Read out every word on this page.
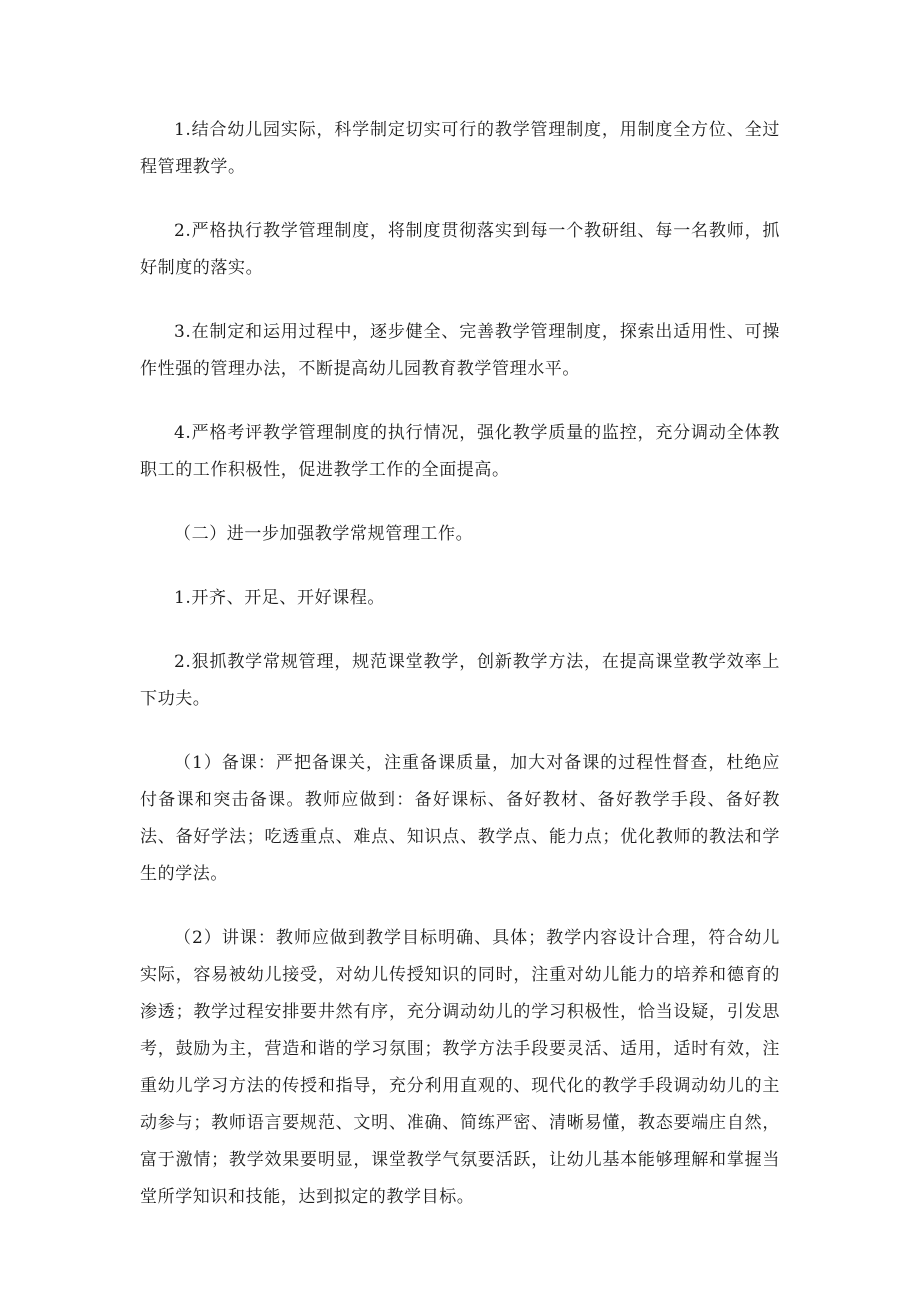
1.结合幼儿园实际，科学制定切实可行的教学管理制度，用制度全方位、全过程管理教学。

2.严格执行教学管理制度，将制度贯彻落实到每一个教研组、每一名教师，抓好制度的落实。

3.在制定和运用过程中，逐步健全、完善教学管理制度，探索出适用性、可操作性强的管理办法，不断提高幼儿园教育教学管理水平。

4.严格考评教学管理制度的执行情况，强化教学质量的监控，充分调动全体教职工的工作积极性，促进教学工作的全面提高。

（二）进一步加强教学常规管理工作。

1.开齐、开足、开好课程。

2.狠抓教学常规管理，规范课堂教学，创新教学方法，在提高课堂教学效率上下功夫。

（1）备课：严把备课关，注重备课质量，加大对备课的过程性督查，杜绝应付备课和突击备课。教师应做到：备好课标、备好教材、备好教学手段、备好教法、备好学法；吃透重点、难点、知识点、教学点、能力点；优化教师的教法和学生的学法。

（2）讲课：教师应做到教学目标明确、具体；教学内容设计合理，符合幼儿实际，容易被幼儿接受，对幼儿传授知识的同时，注重对幼儿能力的培养和德育的渗透；教学过程安排要井然有序，充分调动幼儿的学习积极性，恰当设疑，引发思考，鼓励为主，营造和谐的学习氛围；教学方法手段要灵活、适用，适时有效，注重幼儿学习方法的传授和指导，充分利用直观的、现代化的教学手段调动幼儿的主动参与；教师语言要规范、文明、准确、简练严密、清晰易懂，教态要端庄自然，富于激情；教学效果要明显，课堂教学气氛要活跃，让幼儿基本能够理解和掌握当堂所学知识和技能，达到拟定的教学目标。
